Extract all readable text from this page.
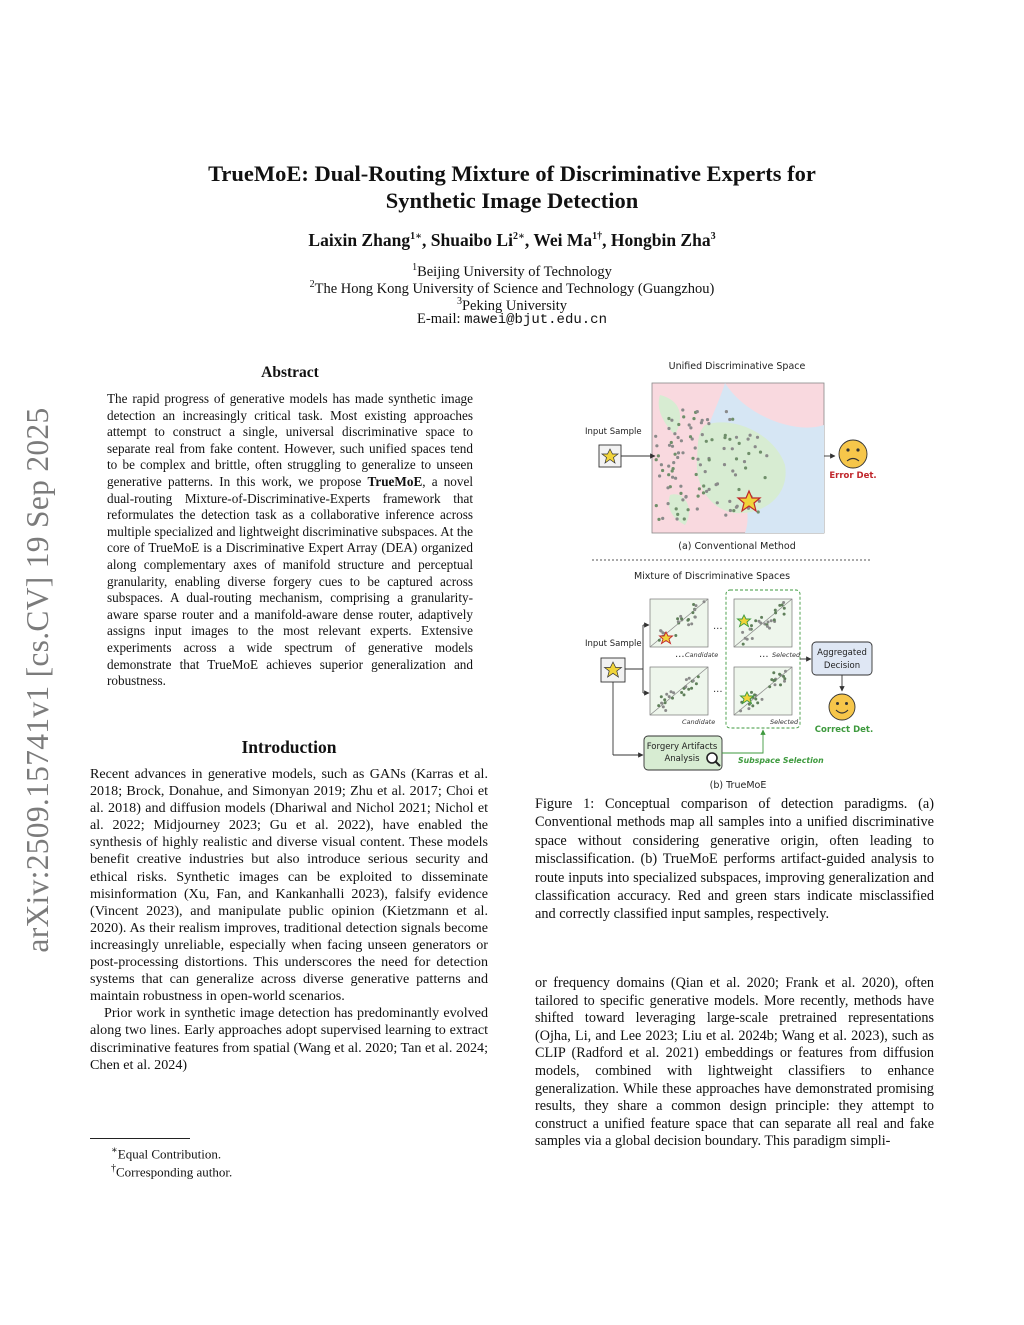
arXiv:2509.15741v1 [cs.CV] 19 Sep 2025
TrueMoE: Dual-Routing Mixture of Discriminative Experts for
Synthetic Image Detection
Laixin Zhang$^{1∗}$, Shuaibo $Li^{2∗}$, Wei $Ma^{1\dagger}$, Hongbin Zha$^3$
$^1$Beijing University of Technology
$^2$The Hong Kong University of Science and Technology (Guangzhou)
$^3$Peking University
E-mail: mawei@bjut.edu.cn
Abstract
The rapid progress of generative models has made synthetic image detection an increasingly critical task. Most existing approaches attempt to construct a single, universal discriminative space to separate real from fake content. However, such unified spaces tend to be complex and brittle, often struggling to generalize to unseen generative patterns. In this work, we propose TrueMoE, a novel dual-routing Mixture-of-Discriminative-Experts framework that reformulates the detection task as a collaborative inference across multiple specialized and lightweight discriminative subspaces. At the core of TrueMoE is a Discriminative Expert Array (DEA) organized along complementary axes of manifold structure and perceptual granularity, enabling diverse forgery cues to be captured across subspaces. A dual-routing mechanism, comprising a granularity-aware sparse router and a manifold-aware dense router, adaptively assigns input images to the most relevant experts. Extensive experiments across a wide spectrum of generative models demonstrate that TrueMoE achieves superior generalization and robustness.
Introduction

Recent advances in generative models, such as GANs (Karras et al. 2018; Brock, Donahue, and Simonyan 2019; Zhu et al. 2017; Choi et al. 2018) and diffusion models (Dhariwal and Nichol 2021; Nichol et al. 2022; Midjourney 2023; Gu et al. 2022), have enabled the synthesis of highly realistic and diverse visual content. These models benefit creative industries but also introduce serious security and ethical risks. Synthetic images can be exploited to disseminate misinformation (Xu, Fan, and Kankanhalli 2023), falsify evidence (Vincent 2023), and manipulate public opinion (Kietzmann et al. 2020). As their realism improves, traditional detection signals become increasingly unreliable, especially when facing unseen generators or post-processing distortions. This underscores the need for detection systems that can generalize across diverse generative patterns and maintain robustness in open-world scenarios.

Prior work in synthetic image detection has predominantly evolved along two lines. Early approaches adopt supervised learning to extract discriminative features from spatial (Wang et al. 2020; Tan et al. 2024; Chen et al. 2024)

∗Equal Contribution.
†Corresponding author.
Unified Discriminative Space
Input Sample
Error Det.
(a) Conventional Method
Mixture of Discriminative Spaces
Input Sample
...
...
...	...
Candidate	Selected
Candidate	Selected
Aggregated
Decision
Correct Det.
Forgery Artifacts
Analysis	Subspace Selection
(b) TrueMoE
Figure 1: Conceptual comparison of detection paradigms. (a) Conventional methods map all samples into a unified discriminative space without considering generative origin, often leading to misclassification. (b) TrueMoE performs artifact-guided analysis to route inputs into specialized subspaces, improving generalization and classification accuracy. Red and green stars indicate misclassified and correctly classified input samples, respectively.
or frequency domains (Qian et al. 2020; Frank et al. 2020), often tailored to specific generative models. More recently, methods have shifted toward leveraging large-scale pretrained representations (Ojha, Li, and Lee 2023; Liu et al. 2024b; Wang et al. 2023), such as CLIP (Radford et al. 2021) embeddings or features from diffusion models, combined with lightweight classifiers to enhance generalization. While these approaches have demonstrated promising results, they share a common design principle: they attempt to construct a unified feature space that can separate all real and fake samples via a global decision boundary. This paradigm simpli-
